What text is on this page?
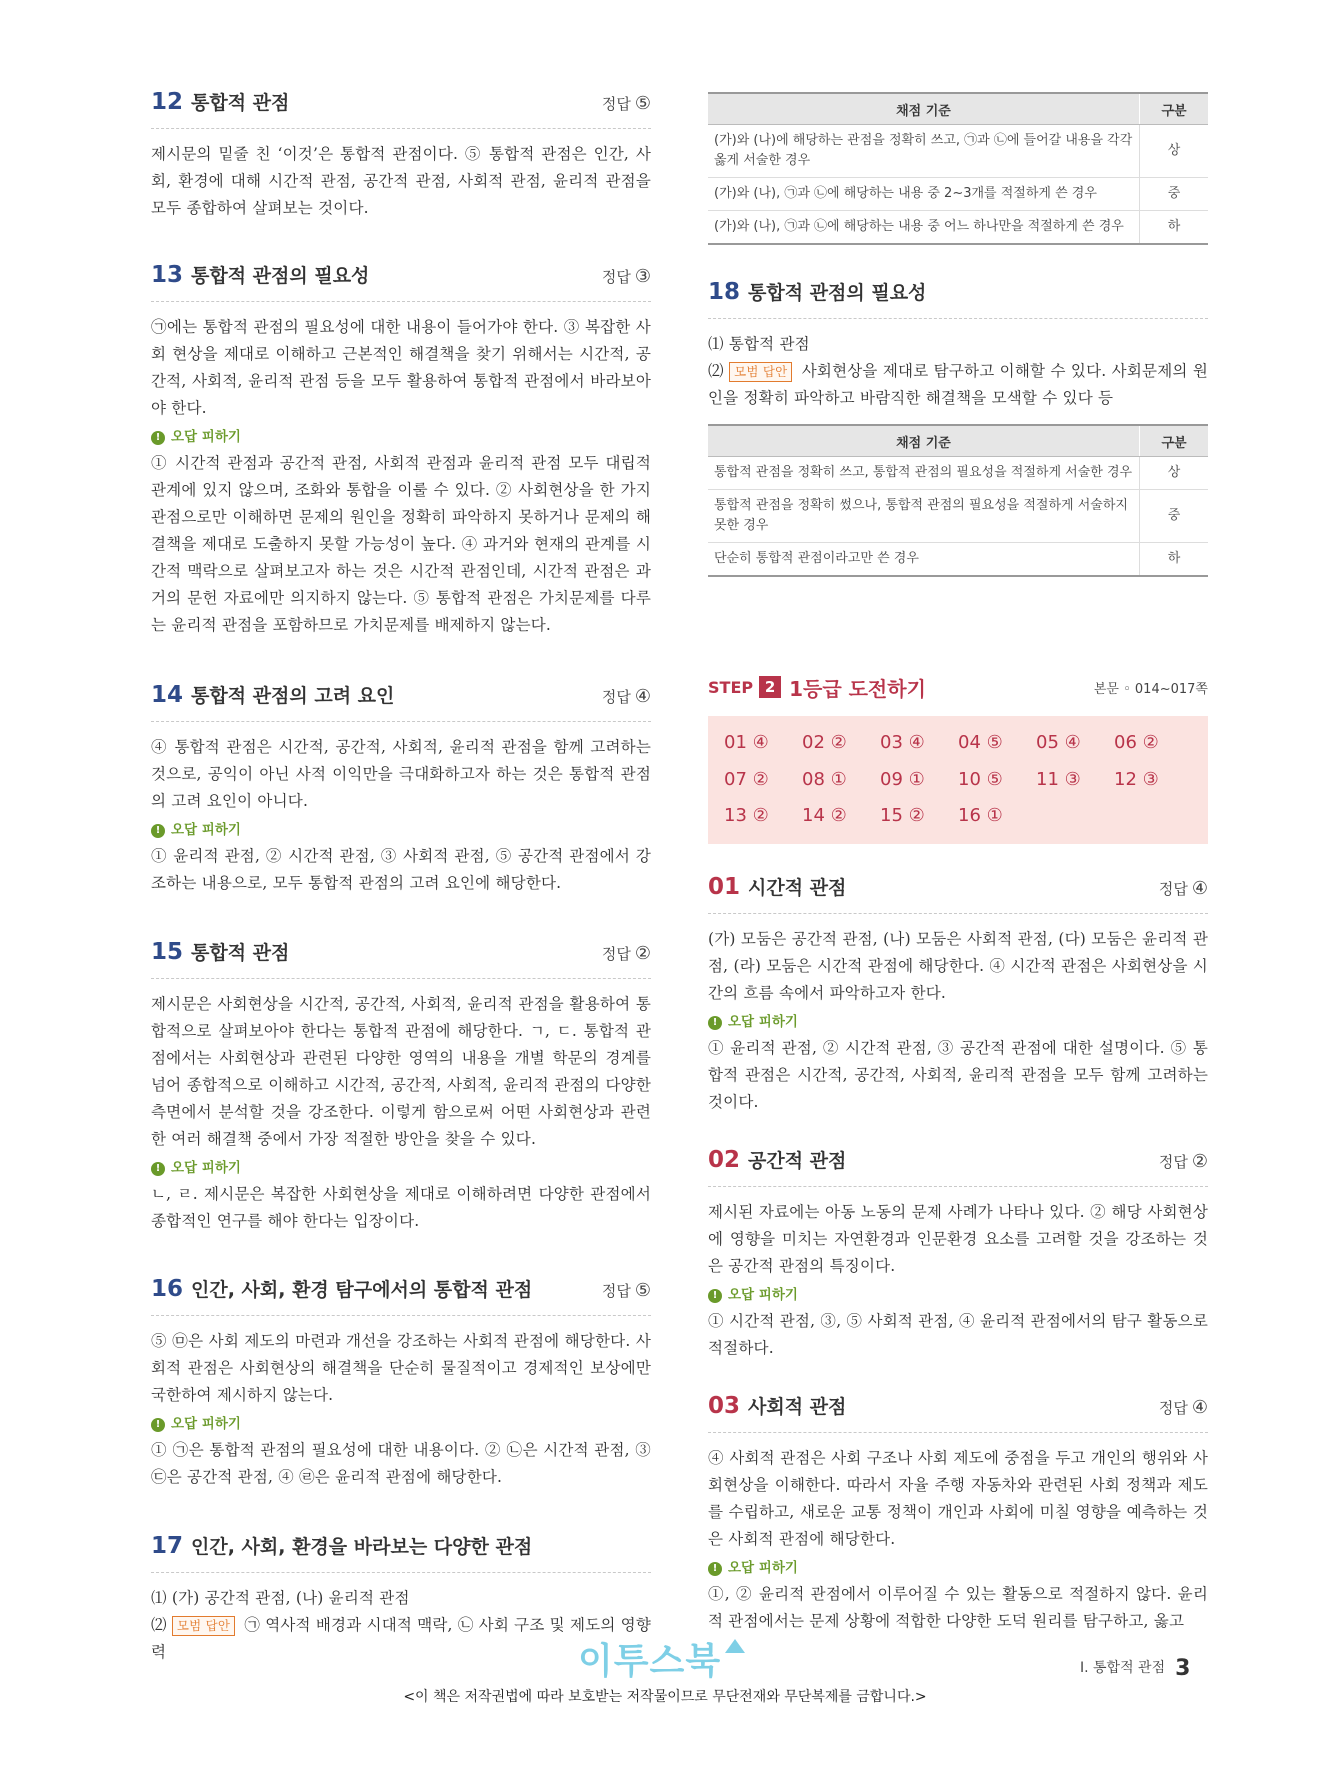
12 통합적 관점	정답 ⑤

제시문의 밑줄 친 ‘이것’은 통합적 관점이다. ⑤ 통합적 관점은 인간, 사회, 환경에 대해 시간적 관점, 공간적 관점, 사회적 관점, 윤리적 관점을 모두 종합하여 살펴보는 것이다.

13 통합적 관점의 필요성	정답 ③

㉠에는 통합적 관점의 필요성에 대한 내용이 들어가야 한다. ③ 복잡한 사회 현상을 제대로 이해하고 근본적인 해결책을 찾기 위해서는 시간적, 공간적, 사회적, 윤리적 관점 등을 모두 활용하여 통합적 관점에서 바라보아야 한다.

! 오답 피하기

① 시간적 관점과 공간적 관점, 사회적 관점과 윤리적 관점 모두 대립적 관계에 있지 않으며, 조화와 통합을 이룰 수 있다. ② 사회현상을 한 가지 관점으로만 이해하면 문제의 원인을 정확히 파악하지 못하거나 문제의 해결책을 제대로 도출하지 못할 가능성이 높다. ④ 과거와 현재의 관계를 시간적 맥락으로 살펴보고자 하는 것은 시간적 관점인데, 시간적 관점은 과거의 문헌 자료에만 의지하지 않는다. ⑤ 통합적 관점은 가치문제를 다루는 윤리적 관점을 포함하므로 가치문제를 배제하지 않는다.

14 통합적 관점의 고려 요인	정답 ④

④ 통합적 관점은 시간적, 공간적, 사회적, 윤리적 관점을 함께 고려하는 것으로, 공익이 아닌 사적 이익만을 극대화하고자 하는 것은 통합적 관점의 고려 요인이 아니다.

! 오답 피하기

① 윤리적 관점, ② 시간적 관점, ③ 사회적 관점, ⑤ 공간적 관점에서 강조하는 내용으로, 모두 통합적 관점의 고려 요인에 해당한다.

15 통합적 관점	정답 ②

제시문은 사회현상을 시간적, 공간적, 사회적, 윤리적 관점을 활용하여 통합적으로 살펴보아야 한다는 통합적 관점에 해당한다. ㄱ, ㄷ. 통합적 관점에서는 사회현상과 관련된 다양한 영역의 내용을 개별 학문의 경계를 넘어 종합적으로 이해하고 시간적, 공간적, 사회적, 윤리적 관점의 다양한 측면에서 분석할 것을 강조한다. 이렇게 함으로써 어떤 사회현상과 관련한 여러 해결책 중에서 가장 적절한 방안을 찾을 수 있다.

! 오답 피하기

ㄴ, ㄹ. 제시문은 복잡한 사회현상을 제대로 이해하려면 다양한 관점에서 종합적인 연구를 해야 한다는 입장이다.

16 인간, 사회, 환경 탐구에서의 통합적 관점	정답 ⑤

⑤ ㉤은 사회 제도의 마련과 개선을 강조하는 사회적 관점에 해당한다. 사회적 관점은 사회현상의 해결책을 단순히 물질적이고 경제적인 보상에만 국한하여 제시하지 않는다.

! 오답 피하기

① ㉠은 통합적 관점의 필요성에 대한 내용이다. ② ㉡은 시간적 관점, ③ ㉢은 공간적 관점, ④ ㉣은 윤리적 관점에 해당한다.

17 인간, 사회, 환경을 바라보는 다양한 관점

⑴ (가) 공간적 관점, (나) 윤리적 관점

⑵ 모범 답안 ㉠ 역사적 배경과 시대적 맥락, ㉡ 사회 구조 및 제도의 영향력

채점 기준	구분
(가)와 (나)에 해당하는 관점을 정확히 쓰고, ㉠과 ㉡에 들어갈 내용을 각각 옳게 서술한 경우	상
(가)와 (나), ㉠과 ㉡에 해당하는 내용 중 2~3개를 적절하게 쓴 경우	중
(가)와 (나), ㉠과 ㉡에 해당하는 내용 중 어느 하나만을 적절하게 쓴 경우	하
18 통합적 관점의 필요성

⑴ 통합적 관점

⑵ 모범 답안 사회현상을 제대로 탐구하고 이해할 수 있다. 사회문제의 원인을 정확히 파악하고 바람직한 해결책을 모색할 수 있다 등

채점 기준	구분
통합적 관점을 정확히 쓰고, 통합적 관점의 필요성을 적절하게 서술한 경우	상
통합적 관점을 정확히 썼으나, 통합적 관점의 필요성을 적절하게 서술하지 못한 경우	중
단순히 통합적 관점이라고만 쓴 경우	하
STEP 2 1등급 도전하기	본문 ◦ 014~017쪽
01 ④	02 ②	03 ④	04 ⑤	05 ④	06 ②
07 ②	08 ①	09 ①	10 ⑤	11 ③	12 ③
13 ②	14 ②	15 ②	16 ①
01 시간적 관점	정답 ④

(가) 모둠은 공간적 관점, (나) 모둠은 사회적 관점, (다) 모둠은 윤리적 관점, (라) 모둠은 시간적 관점에 해당한다. ④ 시간적 관점은 사회현상을 시간의 흐름 속에서 파악하고자 한다.

! 오답 피하기

① 윤리적 관점, ② 시간적 관점, ③ 공간적 관점에 대한 설명이다. ⑤ 통합적 관점은 시간적, 공간적, 사회적, 윤리적 관점을 모두 함께 고려하는 것이다.

02 공간적 관점	정답 ②

제시된 자료에는 아동 노동의 문제 사례가 나타나 있다. ② 해당 사회현상에 영향을 미치는 자연환경과 인문환경 요소를 고려할 것을 강조하는 것은 공간적 관점의 특징이다.

! 오답 피하기

① 시간적 관점, ③, ⑤ 사회적 관점, ④ 윤리적 관점에서의 탐구 활동으로 적절하다.

03 사회적 관점	정답 ④

④ 사회적 관점은 사회 구조나 사회 제도에 중점을 두고 개인의 행위와 사회현상을 이해한다. 따라서 자율 주행 자동차와 관련된 사회 정책과 제도를 수립하고, 새로운 교통 정책이 개인과 사회에 미칠 영향을 예측하는 것은 사회적 관점에 해당한다.

! 오답 피하기

①, ② 윤리적 관점에서 이루어질 수 있는 활동으로 적절하지 않다. 윤리적 관점에서는 문제 상황에 적합한 다양한 도덕 원리를 탐구하고, 옳고

이투스북	Ⅰ. 통합적 관점 3
<이 책은 저작권법에 따라 보호받는 저작물이므로 무단전재와 무단복제를 금합니다.>
